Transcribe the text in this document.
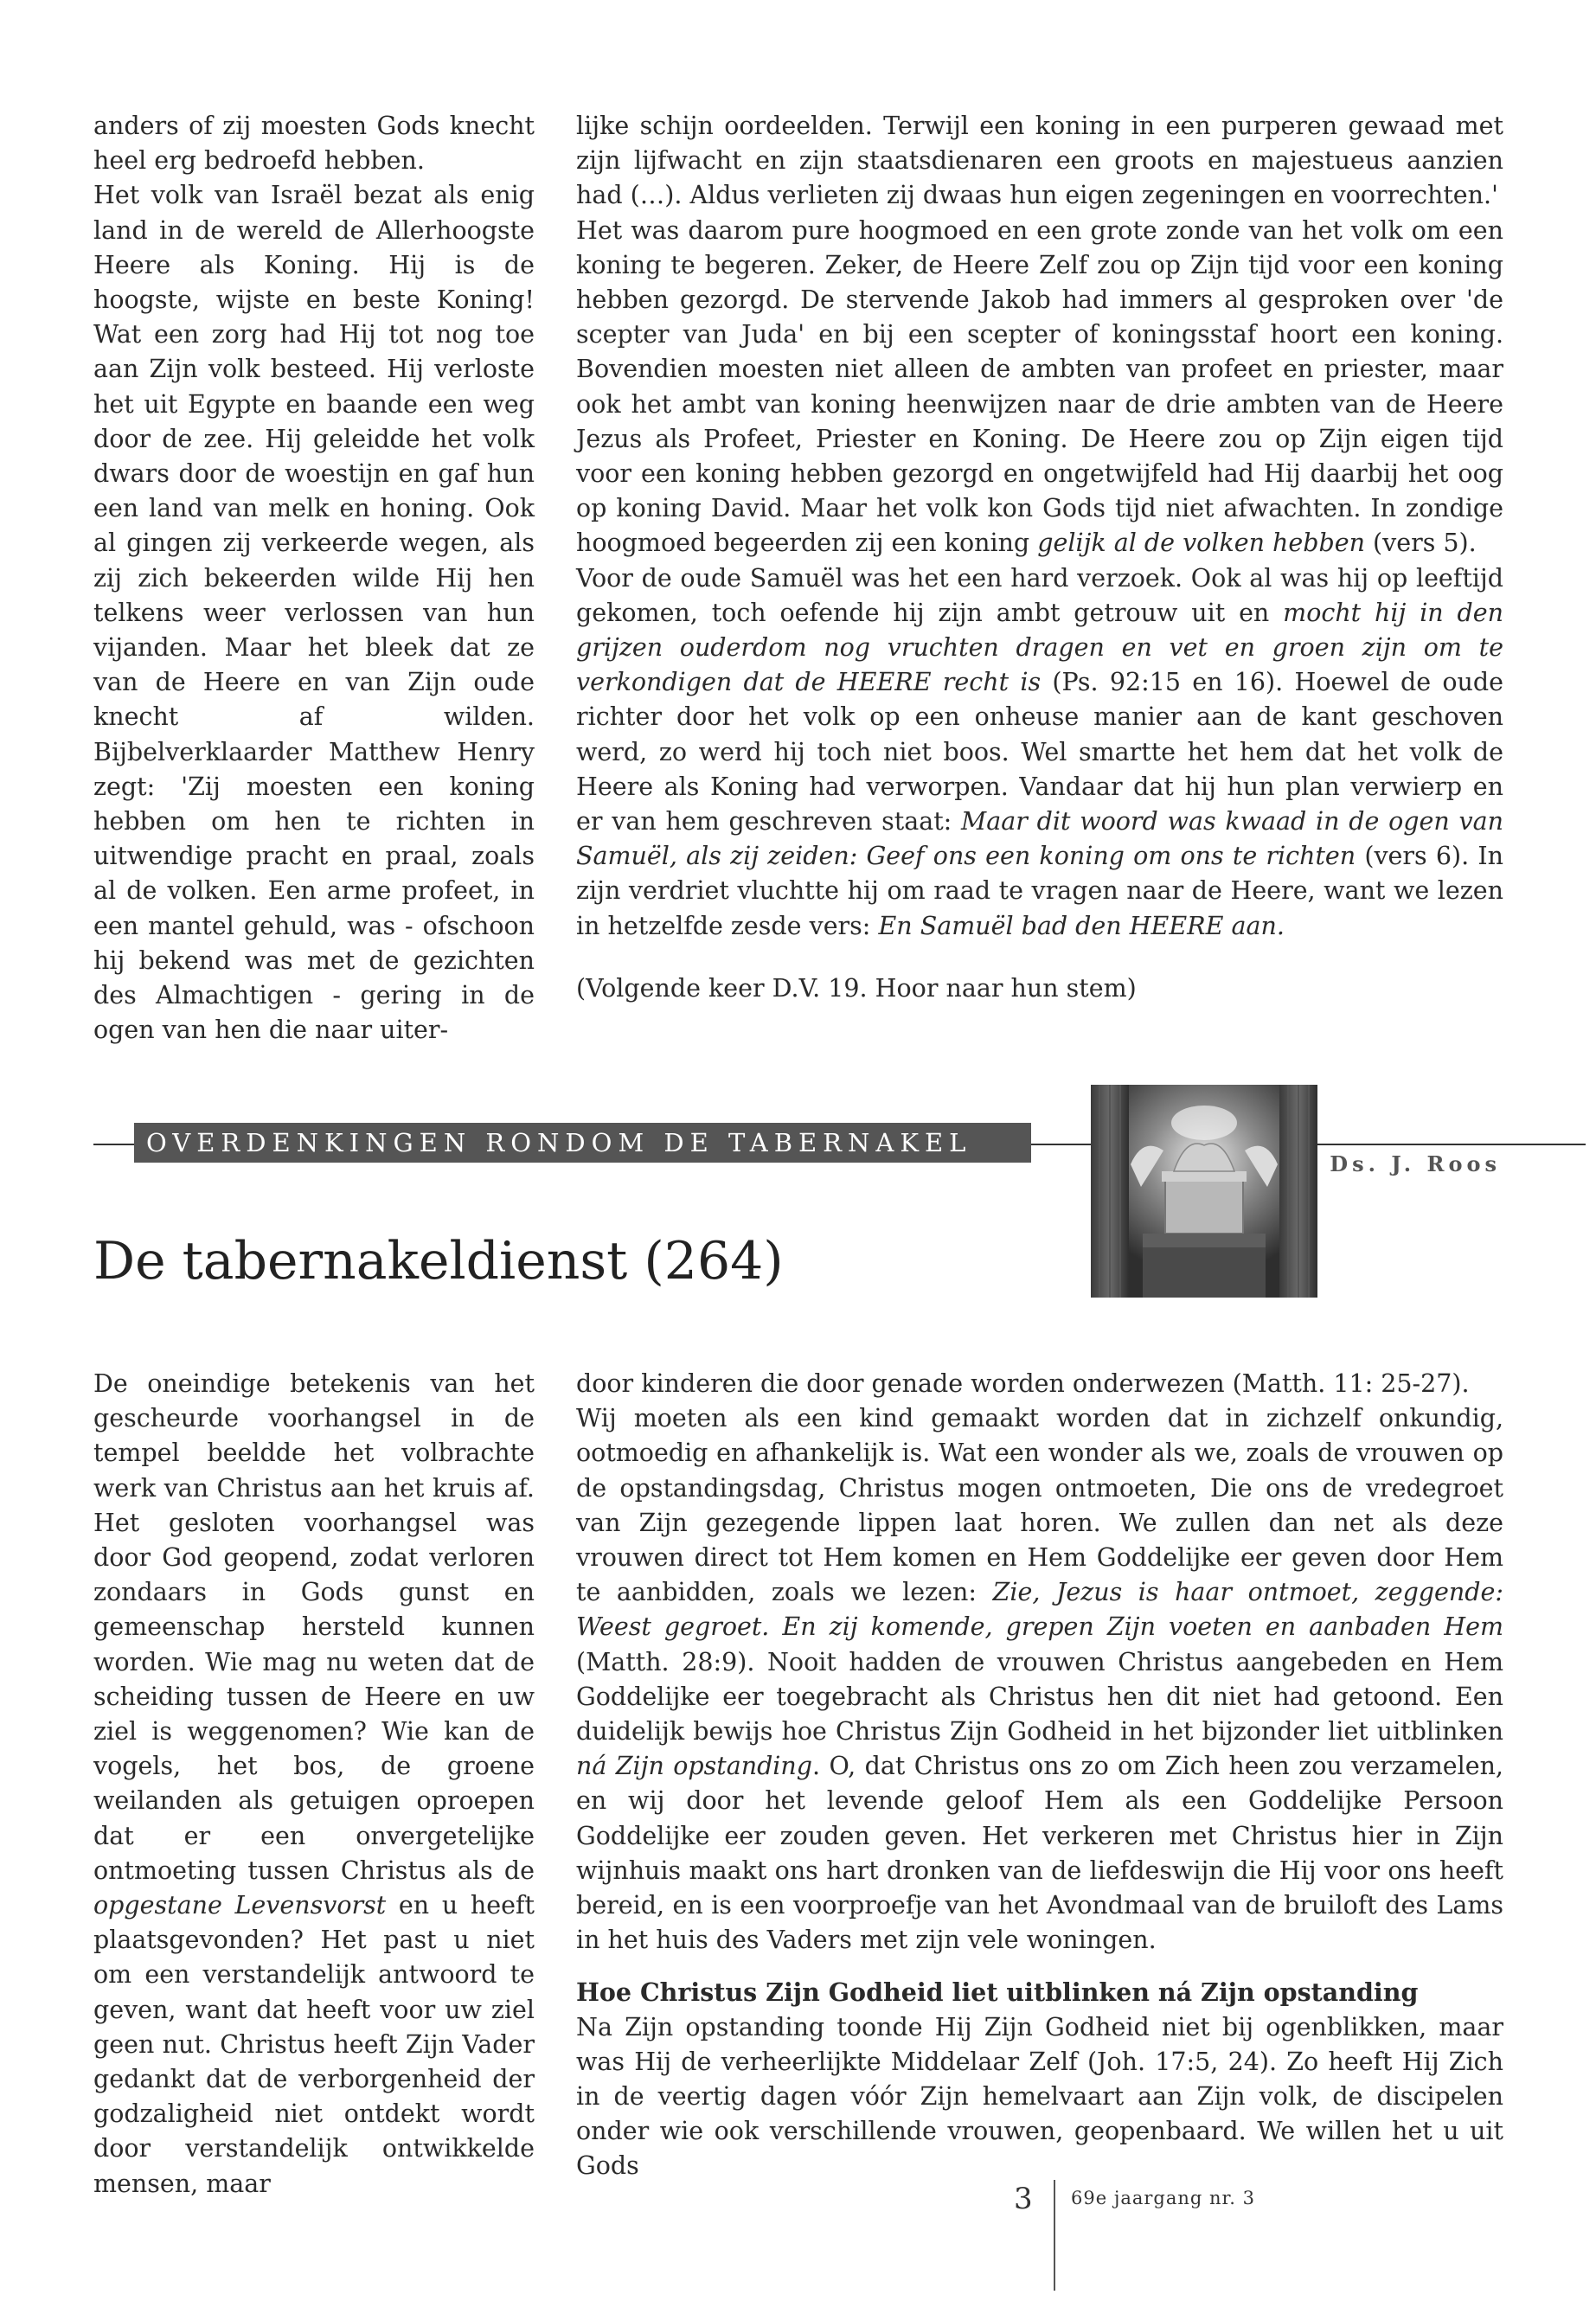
anders of zij moesten Gods knecht heel erg bedroefd hebben.

Het volk van Israël bezat als enig land in de wereld de Allerhoogste Heere als Koning. Hij is de hoogste, wijste en beste Koning! Wat een zorg had Hij tot nog toe aan Zijn volk besteed. Hij verloste het uit Egypte en baande een weg door de zee. Hij geleidde het volk dwars door de woestijn en gaf hun een land van melk en honing. Ook al gingen zij verkeerde wegen, als zij zich bekeerden wilde Hij hen telkens weer verlossen van hun vijanden. Maar het bleek dat ze van de Heere en van Zijn oude knecht af wilden. Bijbelverklaarder Matthew Henry zegt: 'Zij moesten een koning hebben om hen te richten in uitwendige pracht en praal, zoals al de volken. Een arme profeet, in een mantel gehuld, was - ofschoon hij bekend was met de gezichten des Almachtigen - gering in de ogen van hen die naar uiter-

lijke schijn oordeelden. Terwijl een koning in een purperen gewaad met zijn lijfwacht en zijn staatsdienaren een groots en majestueus aanzien had (…). Aldus verlieten zij dwaas hun eigen zegeningen en voorrechten.'

Het was daarom pure hoogmoed en een grote zonde van het volk om een koning te begeren. Zeker, de Heere Zelf zou op Zijn tijd voor een koning hebben gezorgd. De stervende Jakob had immers al gesproken over 'de scepter van Juda' en bij een scepter of koningsstaf hoort een koning. Bovendien moesten niet alleen de ambten van profeet en priester, maar ook het ambt van koning heenwijzen naar de drie ambten van de Heere Jezus als Profeet, Priester en Koning. De Heere zou op Zijn eigen tijd voor een koning hebben gezorgd en ongetwijfeld had Hij daarbij het oog op koning David. Maar het volk kon Gods tijd niet afwachten. In zondige hoogmoed begeerden zij een koning gelijk al de volken hebben (vers 5).

Voor de oude Samuël was het een hard verzoek. Ook al was hij op leeftijd gekomen, toch oefende hij zijn ambt getrouw uit en mocht hij in den grijzen ouderdom nog vruchten dragen en vet en groen zijn om te verkondigen dat de HEERE recht is (Ps. 92:15 en 16). Hoewel de oude richter door het volk op een onheuse manier aan de kant geschoven werd, zo werd hij toch niet boos. Wel smartte het hem dat het volk de Heere als Koning had verworpen. Vandaar dat hij hun plan verwierp en er van hem geschreven staat: Maar dit woord was kwaad in de ogen van Samuël, als zij zeiden: Geef ons een koning om ons te richten (vers 6). In zijn verdriet vluchtte hij om raad te vragen naar de Heere, want we lezen in hetzelfde zesde vers: En Samuël bad den HEERE aan.

(Volgende keer D.V. 19. Hoor naar hun stem)

OVERDENKINGEN RONDOM DE TABERNAKEL
Ds. J. Roos
De tabernakeldienst (264)

De oneindige betekenis van het gescheurde voorhangsel in de tempel beeldde het volbrachte werk van Christus aan het kruis af. Het gesloten voorhangsel was door God geopend, zodat verloren zondaars in Gods gunst en gemeenschap hersteld kunnen worden. Wie mag nu weten dat de scheiding tussen de Heere en uw ziel is weggenomen? Wie kan de vogels, het bos, de groene weilanden als getuigen oproepen dat er een onvergetelijke ontmoeting tussen Christus als de opgestane Levensvorst en u heeft plaatsgevonden? Het past u niet om een verstandelijk antwoord te geven, want dat heeft voor uw ziel geen nut. Christus heeft Zijn Vader gedankt dat de verborgenheid der godzaligheid niet ontdekt wordt door verstandelijk ontwikkelde mensen, maar

door kinderen die door genade worden onderwezen (Matth. 11: 25-27).

Wij moeten als een kind gemaakt worden dat in zichzelf onkundig, ootmoedig en afhankelijk is. Wat een wonder als we, zoals de vrouwen op de opstandingsdag, Christus mogen ontmoeten, Die ons de vredegroet van Zijn gezegende lippen laat horen. We zullen dan net als deze vrouwen direct tot Hem komen en Hem Goddelijke eer geven door Hem te aanbidden, zoals we lezen: Zie, Jezus is haar ontmoet, zeggende: Weest gegroet. En zij komende, grepen Zijn voeten en aanbaden Hem (Matth. 28:9). Nooit hadden de vrouwen Christus aangebeden en Hem Goddelijke eer toegebracht als Christus hen dit niet had getoond. Een duidelijk bewijs hoe Christus Zijn Godheid in het bijzonder liet uitblinken ná Zijn opstanding. O, dat Christus ons zo om Zich heen zou verzamelen, en wij door het levende geloof Hem als een Goddelijke Persoon Goddelijke eer zouden geven. Het verkeren met Christus hier in Zijn wijnhuis maakt ons hart dronken van de liefdeswijn die Hij voor ons heeft bereid, en is een voorproefje van het Avondmaal van de bruiloft des Lams in het huis des Vaders met zijn vele woningen.

Hoe Christus Zijn Godheid liet uitblinken ná Zijn opstanding

Na Zijn opstanding toonde Hij Zijn Godheid niet bij ogenblikken, maar was Hij de verheerlijkte Middelaar Zelf (Joh. 17:5, 24). Zo heeft Hij Zich in de veertig dagen vóór Zijn hemelvaart aan Zijn volk, de discipelen onder wie ook verschillende vrouwen, geopenbaard. We willen het u uit Gods

3 69e jaargang nr. 3
